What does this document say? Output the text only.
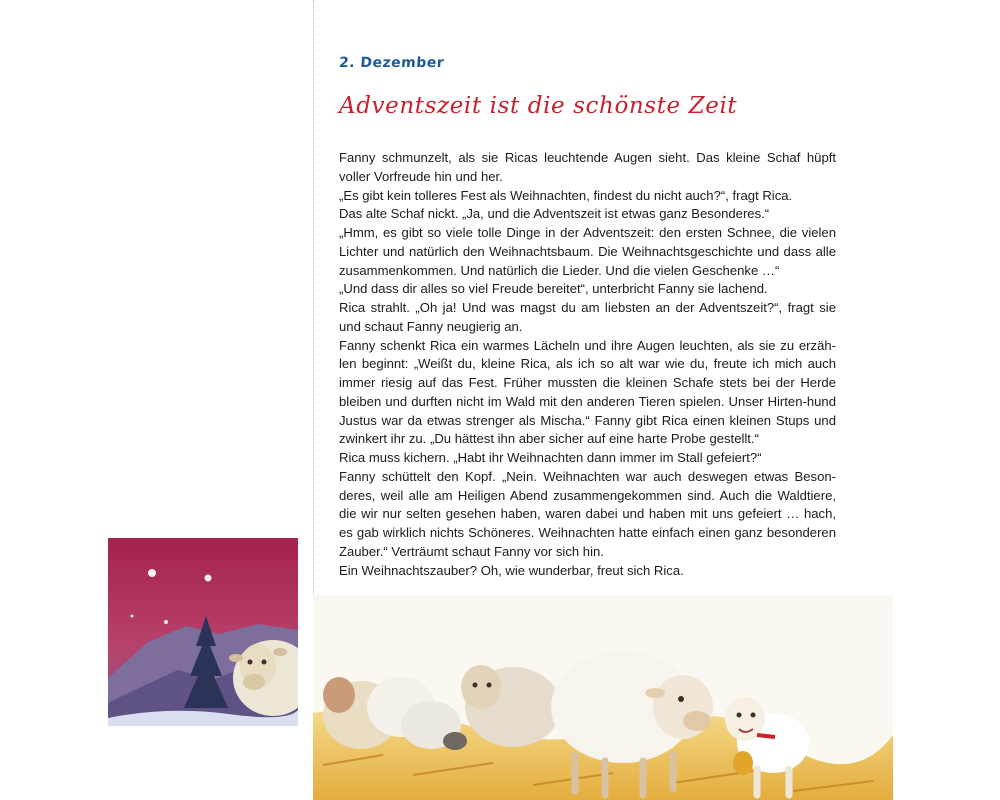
2. Dezember
Adventszeit ist die schönste Zeit

Fanny schmunzelt, als sie Ricas leuchtende Augen sieht. Das kleine Schaf hüpft voller Vorfreude hin und her.

„Es gibt kein tolleres Fest als Weihnachten, findest du nicht auch?“, fragt Rica.

Das alte Schaf nickt. „Ja, und die Adventszeit ist etwas ganz Besonderes.“

„Hmm, es gibt so viele tolle Dinge in der Adventszeit: den ersten Schnee, die vielen Lichter und natürlich den Weihnachtsbaum. Die Weihnachtsgeschichte und dass alle zusammenkommen. Und natürlich die Lieder. Und die vielen Geschenke …“

„Und dass dir alles so viel Freude bereitet“, unterbricht Fanny sie lachend.

Rica strahlt. „Oh ja! Und was magst du am liebsten an der Adventszeit?“, fragt sie und schaut Fanny neugierig an.

Fanny schenkt Rica ein warmes Lächeln und ihre Augen leuchten, als sie zu erzäh-len beginnt: „Weißt du, kleine Rica, als ich so alt war wie du, freute ich mich auch immer riesig auf das Fest. Früher mussten die kleinen Schafe stets bei der Herde bleiben und durften nicht im Wald mit den anderen Tieren spielen. Unser Hirten-hund Justus war da etwas strenger als Mischa.“ Fanny gibt Rica einen kleinen Stups und zwinkert ihr zu. „Du hättest ihn aber sicher auf eine harte Probe gestellt.“

Rica muss kichern. „Habt ihr Weihnachten dann immer im Stall gefeiert?“

Fanny schüttelt den Kopf. „Nein. Weihnachten war auch deswegen etwas Beson-deres, weil alle am Heiligen Abend zusammengekommen sind. Auch die Waldtiere, die wir nur selten gesehen haben, waren dabei und haben mit uns gefeiert … hach, es gab wirklich nichts Schöneres. Weihnachten hatte einfach einen ganz besonderen Zauber.“ Verträumt schaut Fanny vor sich hin.

Ein Weihnachtszauber? Oh, wie wunderbar, freut sich Rica.
